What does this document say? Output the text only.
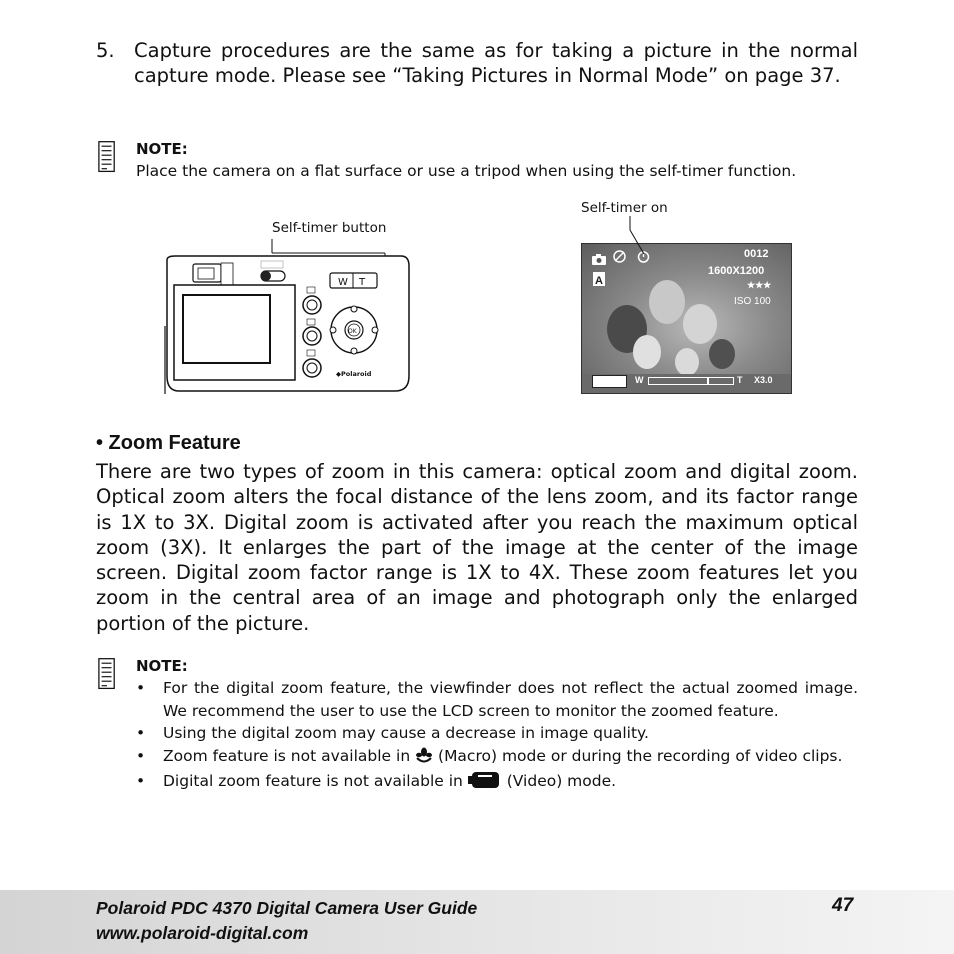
5. Capture procedures are the same as for taking a picture in the normal capture mode. Please see “Taking Pictures in Normal Mode” on page 37.
NOTE:
Place the camera on a flat surface or use a tripod when using the self-timer function.
Self-timer button
Self-timer on
W T
OK
◆Polaroid
0012
1600X1200
A	★★★
ISO 100
W	T X3.0
• Zoom Feature
There are two types of zoom in this camera: optical zoom and digital zoom. Optical zoom alters the focal distance of the lens zoom, and its factor range is 1X to 3X. Digital zoom is activated after you reach the maximum optical zoom (3X). It enlarges the part of the image at the center of the image screen. Digital zoom factor range is 1X to 4X. These zoom features let you zoom in the central area of an image and photograph only the enlarged portion of the picture.
NOTE:
• For the digital zoom feature, the viewfinder does not reflect the actual zoomed image. We recommend the user to use the LCD screen to monitor the zoomed feature.
• Using the digital zoom may cause a decrease in image quality.
• Zoom feature is not available in (Macro) mode or during the recording of video clips.
• Digital zoom feature is not available in	(Video) mode.
Polaroid PDC 4370 Digital Camera User Guide
www.polaroid-digital.com
47
